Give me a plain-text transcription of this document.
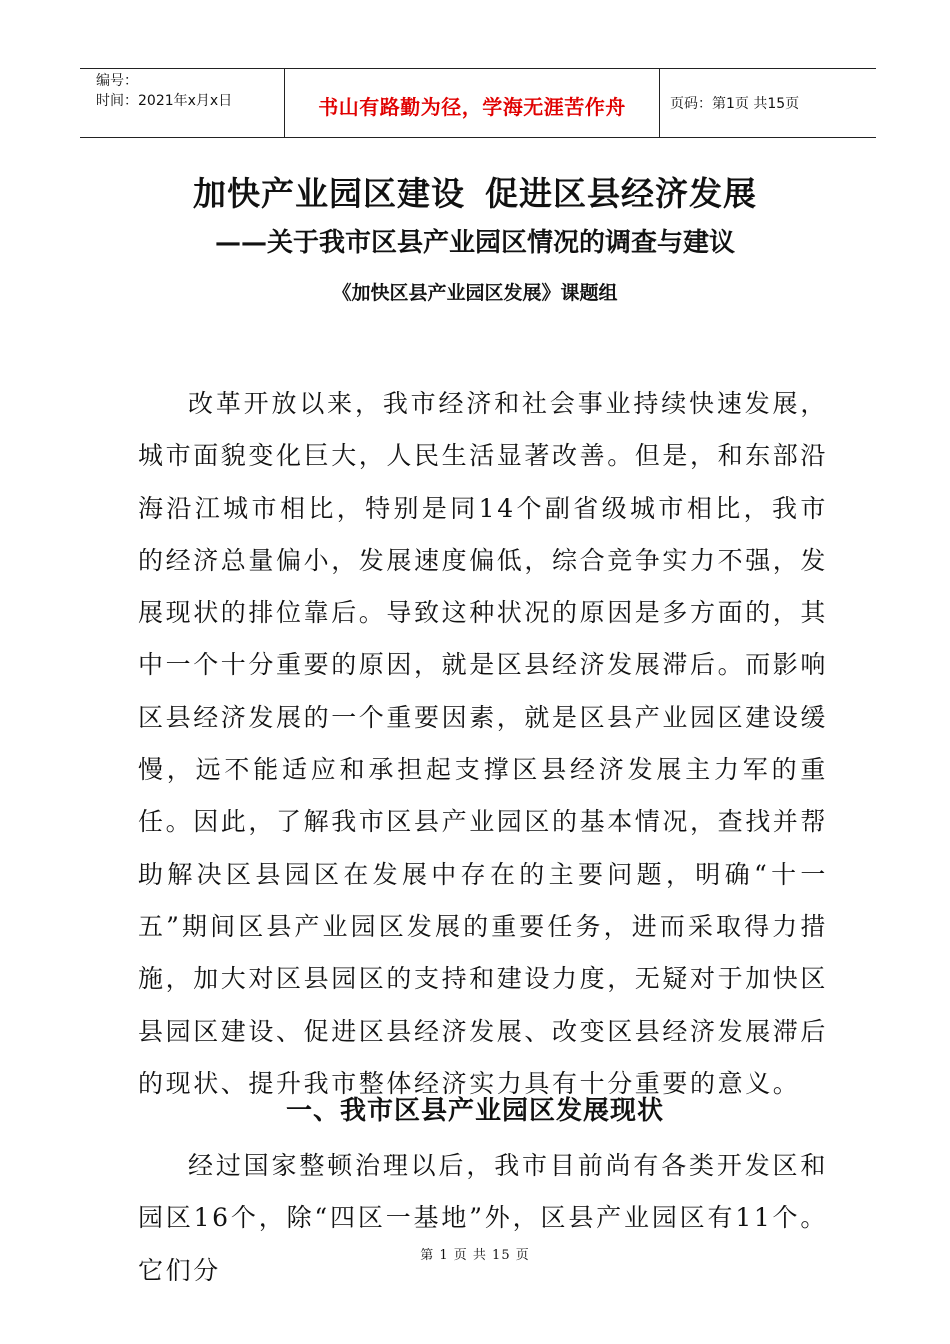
编号：
时间：2021年x月x日	书山有路勤为径，学海无涯苦作舟	页码：第1页 共15页
加快产业园区建设 促进区县经济发展
——关于我市区县产业园区情况的调查与建议
《加快区县产业园区发展》课题组

改革开放以来，我市经济和社会事业持续快速发展，城市面貌变化巨大，人民生活显著改善。但是，和东部沿海沿江城市相比，特别是同14个副省级城市相比，我市的经济总量偏小，发展速度偏低，综合竞争实力不强，发展现状的排位靠后。导致这种状况的原因是多方面的，其中一个十分重要的原因，就是区县经济发展滞后。而影响区县经济发展的一个重要因素，就是区县产业园区建设缓慢，远不能适应和承担起支撑区县经济发展主力军的重任。因此，了解我市区县产业园区的基本情况，查找并帮助解决区县园区在发展中存在的主要问题，明确“十一五”期间区县产业园区发展的重要任务，进而采取得力措施，加大对区县园区的支持和建设力度，无疑对于加快区县园区建设、促进区县经济发展、改变区县经济发展滞后的现状、提升我市整体经济实力具有十分重要的意义。

一、我市区县产业园区发展现状

经过国家整顿治理以后，我市目前尚有各类开发区和园区16个，除“四区一基地”外，区县产业园区有11个。它们分

第 1 页 共 15 页
